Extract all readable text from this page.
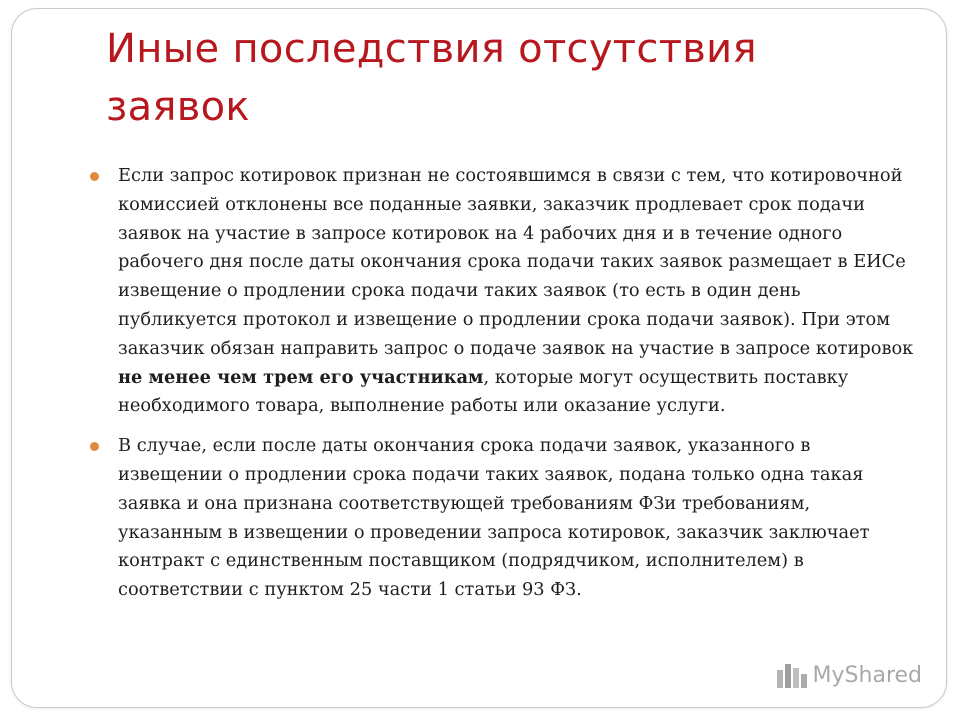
Иные последствия отсутствия заявок

Если запрос котировок признан не состоявшимся в связи с тем, что котировочной комиссией отклонены все поданные заявки, заказчик продлевает срок подачи заявок на участие в запросе котировок на 4 рабочих дня и в течение одного рабочего дня после даты окончания срока подачи таких заявок размещает в ЕИСе извещение о продлении срока подачи таких заявок (то есть в один день публикуется протокол и извещение о продлении срока подачи заявок). При этом заказчик обязан направить запрос о подаче заявок на участие в запросе котировок не менее чем трем его участникам, которые могут осуществить поставку необходимого товара, выполнение работы или оказание услуги.

В случае, если после даты окончания срока подачи заявок, указанного в извещении о продлении срока подачи таких заявок, подана только одна такая заявка и она признана соответствующей требованиям ФЗи требованиям, указанным в извещении о проведении запроса котировок, заказчик заключает контракт с единственным поставщиком (подрядчиком, исполнителем) в соответствии с пунктом 25 части 1 статьи 93 ФЗ.

MyShared
